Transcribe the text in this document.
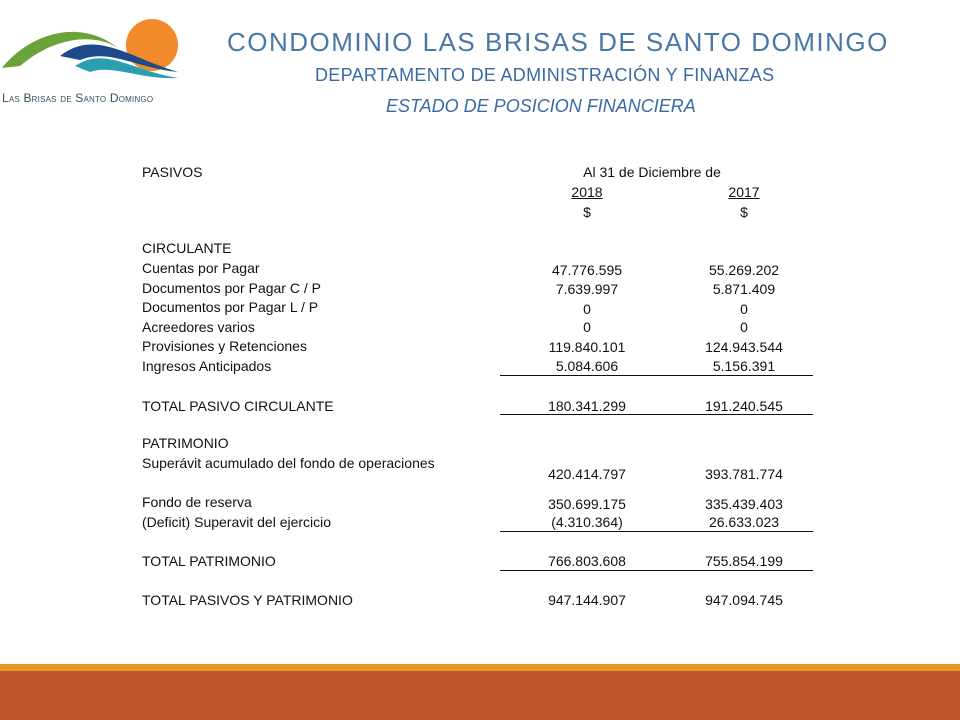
Las Brisas de Santo Domingo
CONDOMINIO LAS BRISAS DE SANTO DOMINGO
DEPARTAMENTO DE ADMINISTRACIÓN Y FINANZAS
ESTADO DE POSICION FINANCIERA
PASIVOS	Al 31 de Diciembre de
2018	2017
$	$
CIRCULANTE
Cuentas por Pagar	47.776.595	55.269.202
Documentos por Pagar C / P	7.639.997	5.871.409
Documentos por Pagar L / P	0	0
Acreedores varios	0	0
Provisiones y Retenciones	119.840.101	124.943.544
Ingresos Anticipados	5.084.606	5.156.391
TOTAL PASIVO CIRCULANTE	180.341.299	191.240.545
PATRIMONIO
Superávit acumulado del fondo de operaciones
420.414.797	393.781.774
Fondo de reserva	350.699.175	335.439.403
(Deficit) Superavit del ejercicio	(4.310.364)	26.633.023
TOTAL PATRIMONIO	766.803.608	755.854.199
TOTAL PASIVOS Y PATRIMONIO	947.144.907	947.094.745
